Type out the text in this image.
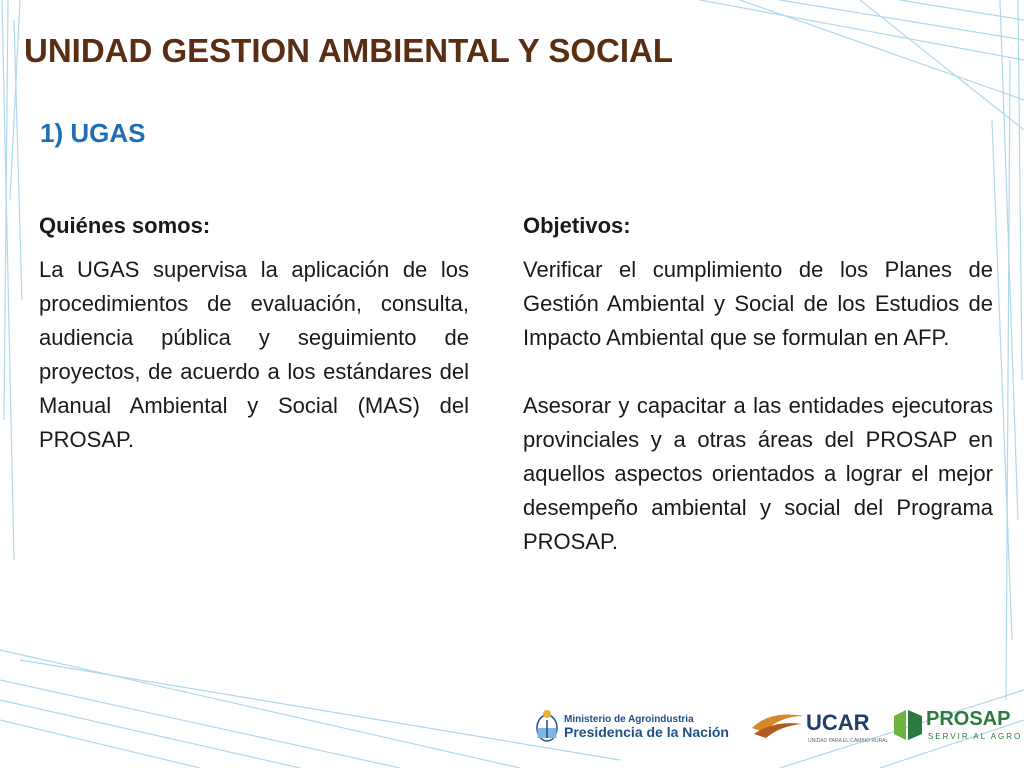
UNIDAD GESTION AMBIENTAL Y SOCIAL
1) UGAS
Quiénes somos:

La UGAS supervisa la aplicación de los procedimientos de evaluación, consulta, audiencia pública y seguimiento de proyectos, de acuerdo a los estándares del Manual Ambiental y Social (MAS) del PROSAP.

Objetivos:

Verificar el cumplimiento de los Planes de Gestión Ambiental y Social de los Estudios de Impacto Ambiental que se formulan en AFP.

Asesorar y capacitar a las entidades ejecutoras provinciales y a otras áreas del PROSAP en aquellos aspectos orientados a lograr el mejor desempeño ambiental y social del Programa PROSAP.

Ministerio de Agroindustria
Presidencia de la Nación	UCAR
UNIDAD PARA EL CAMBIO RURAL
PROSAP
SERVIR AL AGRO
